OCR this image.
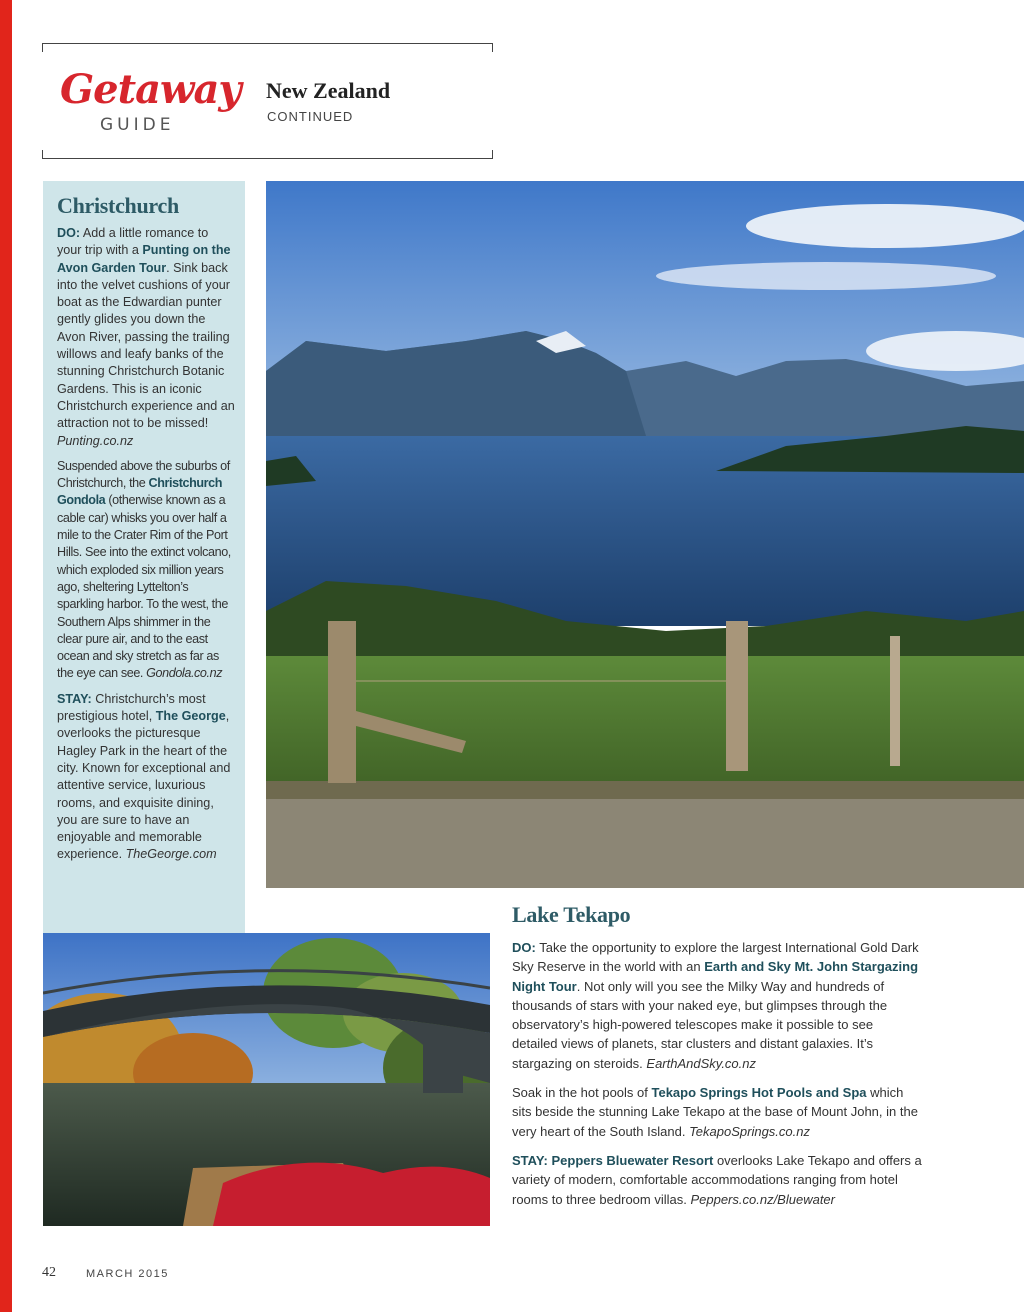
Getaway
GUIDE
New Zealand
CONTINUED
Christchurch

DO: Add a little romance to your trip with a Punting on the Avon Garden Tour. Sink back into the velvet cushions of your boat as the Edwardian punter gently glides you down the Avon River, passing the trailing willows and leafy banks of the stunning Christchurch Botanic Gardens. This is an iconic Christchurch experience and an attraction not to be missed! Punting.co.nz

Suspended above the suburbs of Christchurch, the Christchurch Gondola (otherwise known as a cable car) whisks you over half a mile to the Crater Rim of the Port Hills. See into the extinct volcano, which exploded six million years ago, sheltering Lyttelton’s sparkling harbor. To the west, the Southern Alps shimmer in the clear pure air, and to the east ocean and sky stretch as far as the eye can see. Gondola.co.nz

STAY: Christchurch’s most prestigious hotel, The George, overlooks the picturesque Hagley Park in the heart of the city. Known for exceptional and attentive service, luxurious rooms, and exquisite dining, you are sure to have an enjoyable and memorable experience. TheGeorge.com

Lake Tekapo

DO: Take the opportunity to explore the largest International Gold Dark Sky Reserve in the world with an Earth and Sky Mt. John Stargazing Night Tour. Not only will you see the Milky Way and hundreds of thousands of stars with your naked eye, but glimpses through the observatory’s high-powered telescopes make it possible to see detailed views of planets, star clusters and distant galaxies. It’s stargazing on steroids. EarthAndSky.co.nz

Soak in the hot pools of Tekapo Springs Hot Pools and Spa which sits beside the stunning Lake Tekapo at the base of Mount John, in the very heart of the South Island. TekapoSprings.co.nz

STAY: Peppers Bluewater Resort overlooks Lake Tekapo and offers a variety of modern, comfortable accommodations ranging from hotel rooms to three bedroom villas. Peppers.co.nz/Bluewater

42	MARCH 2015
